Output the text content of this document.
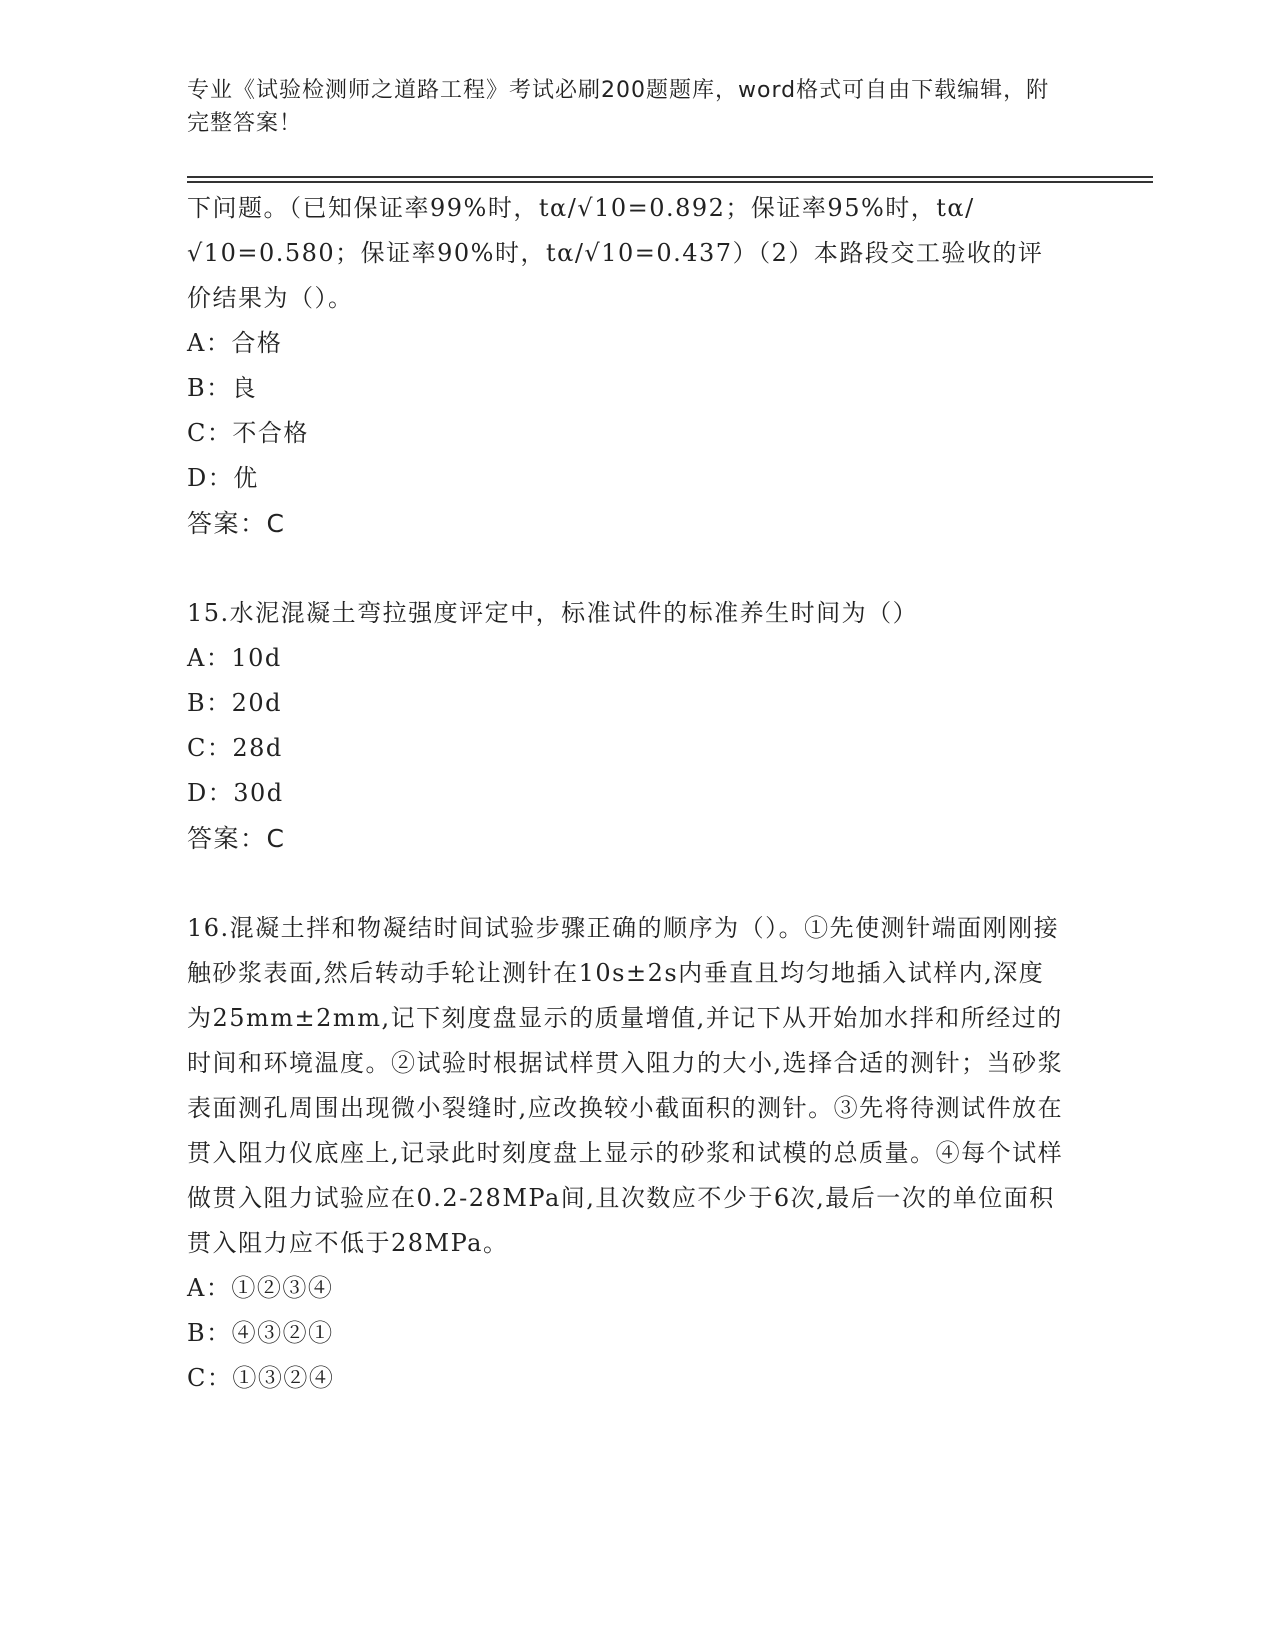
专业《试验检测师之道路工程》考试必刷200题题库，word格式可自由下载编辑，附完整答案！

下问题。（已知保证率99%时，tα/√10=0.892；保证率95%时，tα/√10=0.580；保证率90%时，tα/√10=0.437）（2）本路段交工验收的评价结果为（）。

A：合格
B：良
C：不合格
D：优
答案：C

15.水泥混凝土弯拉强度评定中，标准试件的标准养生时间为（）

A：10d
B：20d
C：28d
D：30d
答案：C

16.混凝土拌和物凝结时间试验步骤正确的顺序为（）。①先使测针端面刚刚接触砂浆表面,然后转动手轮让测针在10s±2s内垂直且均匀地插入试样内,深度为25mm±2mm,记下刻度盘显示的质量增值,并记下从开始加水拌和所经过的时间和环境温度。②试验时根据试样贯入阻力的大小,选择合适的测针；当砂浆表面测孔周围出现微小裂缝时,应改换较小截面积的测针。③先将待测试件放在贯入阻力仪底座上,记录此时刻度盘上显示的砂浆和试模的总质量。④每个试样做贯入阻力试验应在0.2-28MPa间,且次数应不少于6次,最后一次的单位面积贯入阻力应不低于28MPa。

A：①②③④
B：④③②①
C：①③②④
